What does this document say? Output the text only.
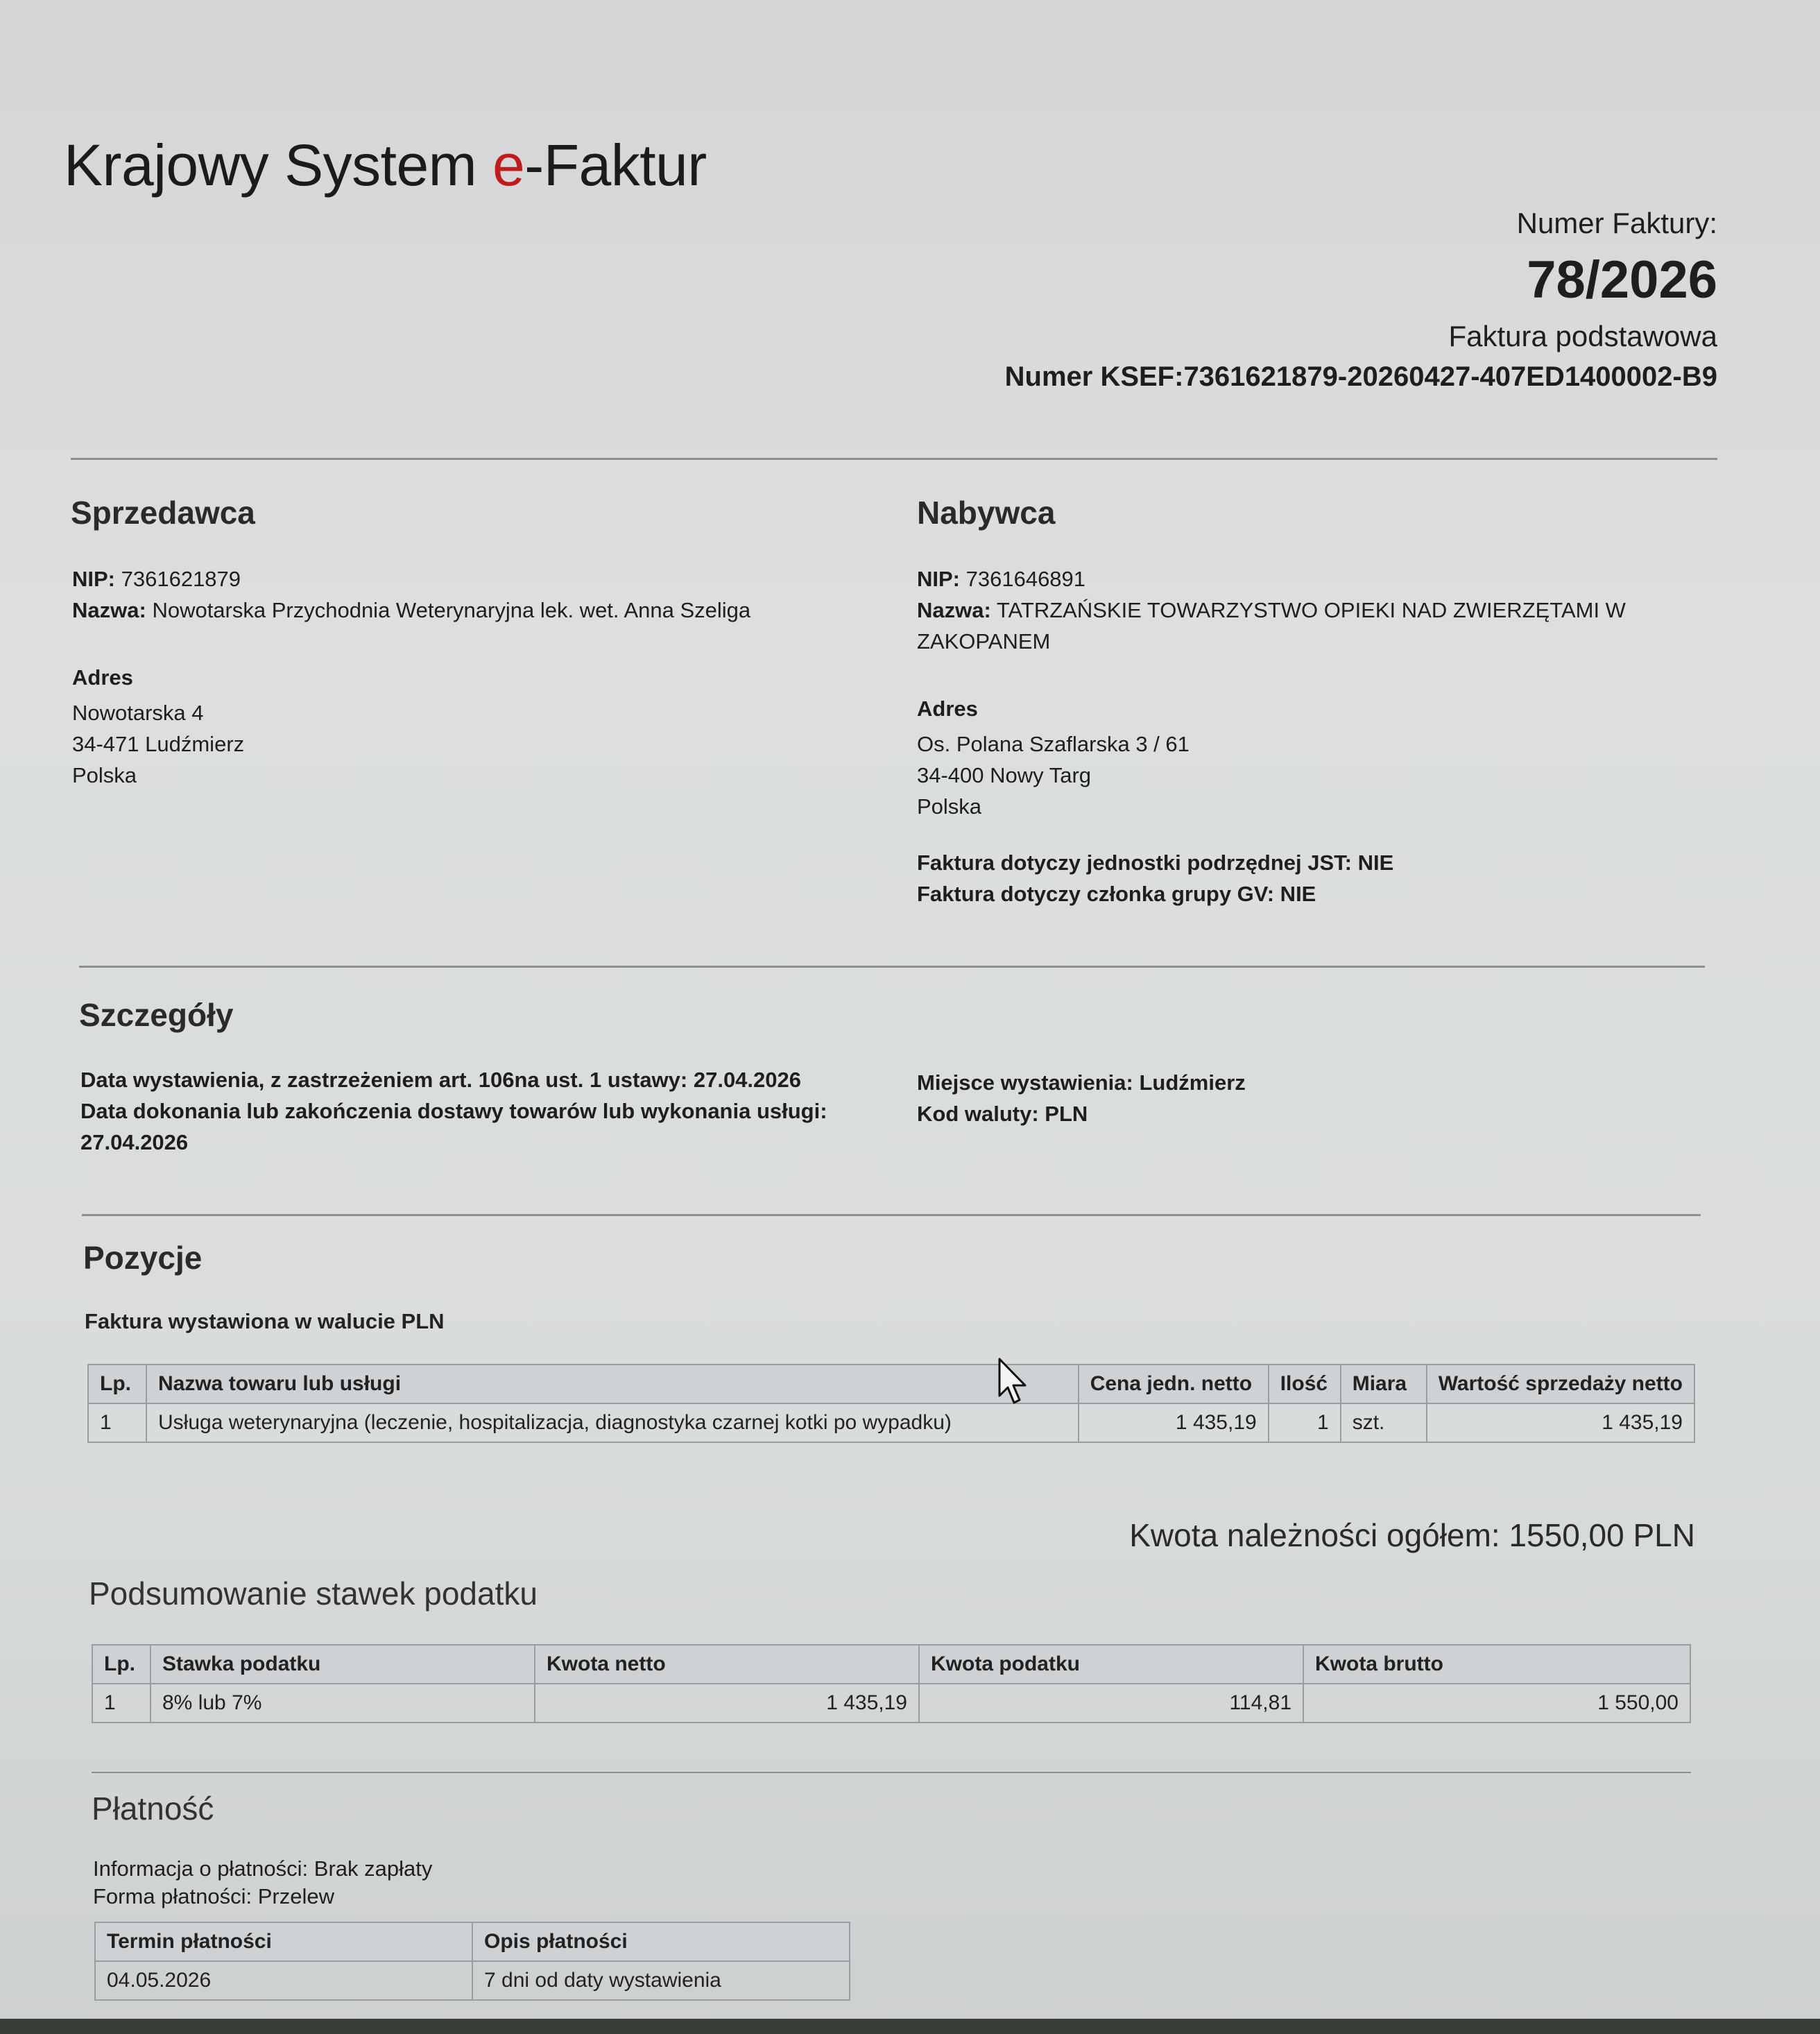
Krajowy System e-Faktur
Numer Faktury:
78/2026
Faktura podstawowa
Numer KSEF:7361621879-20260427-407ED1400002-B9
Sprzedawca
NIP: 7361621879
Nazwa: Nowotarska Przychodnia Weterynaryjna lek. wet. Anna Szeliga
Adres
Nowotarska 4
34-471 Ludźmierz
Polska
Nabywca
NIP: 7361646891
Nazwa: TATRZAŃSKIE TOWARZYSTWO OPIEKI NAD ZWIERZĘTAMI W
ZAKOPANEM
Adres
Os. Polana Szaflarska 3 / 61
34-400 Nowy Targ
Polska
Faktura dotyczy jednostki podrzędnej JST: NIE
Faktura dotyczy członka grupy GV: NIE
Szczegóły
Data wystawienia, z zastrzeżeniem art. 106na ust. 1 ustawy: 27.04.2026
Data dokonania lub zakończenia dostawy towarów lub wykonania usługi:
27.04.2026
Miejsce wystawienia: Ludźmierz
Kod waluty: PLN
Pozycje
Faktura wystawiona w walucie PLN
Lp.	Nazwa towaru lub usługi	Cena jedn. netto	Ilość	Miara	Wartość sprzedaży netto
1	Usługa weterynaryjna (leczenie, hospitalizacja, diagnostyka czarnej kotki po wypadku)	1 435,19	1	szt.	1 435,19
Kwota należności ogółem: 1550,00 PLN
Podsumowanie stawek podatku
Lp.	Stawka podatku	Kwota netto	Kwota podatku	Kwota brutto
1	8% lub 7%	1 435,19	114,81	1 550,00
Płatność
Informacja o płatności: Brak zapłaty
Forma płatności: Przelew
Termin płatności	Opis płatności
04.05.2026	7 dni od daty wystawienia
